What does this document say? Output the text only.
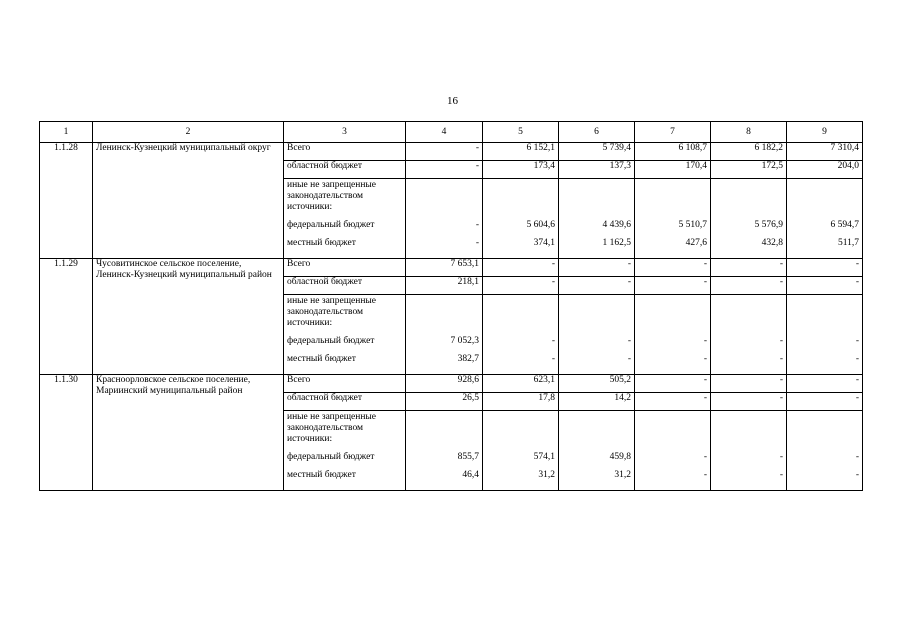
16
1	2	3	4	5	6	7	8	9
1.1.28	Ленинск-Кузнецкий муниципальный округ	Всего	-	6 152,1	5 739,4	6 108,7	6 182,2	7 310,4
		областной бюджет	-	173,4	137,3	170,4	172,5	204,0
		иные не запрещенные законодательством источники:						
		федеральный бюджет	-	5 604,6	4 439,6	5 510,7	5 576,9	6 594,7
		местный бюджет	-	374,1	1 162,5	427,6	432,8	511,7
1.1.29	Чусовитинское сельское поселение, Ленинск-Кузнецкий муниципальный район	Всего	7 653,1	-	-	-	-	-
		областной бюджет	218,1	-	-	-	-	-
		иные не запрещенные законодательством источники:						
		федеральный бюджет	7 052,3	-	-	-	-	-
		местный бюджет	382,7	-	-	-	-	-
1.1.30	Красноорловское сельское поселение, Мариинский муниципальный район	Всего	928,6	623,1	505,2	-	-	-
		областной бюджет	26,5	17,8	14,2	-	-	-
		иные не запрещенные законодательством источники:						
		федеральный бюджет	855,7	574,1	459,8	-	-	-
		местный бюджет	46,4	31,2	31,2	-	-	-
